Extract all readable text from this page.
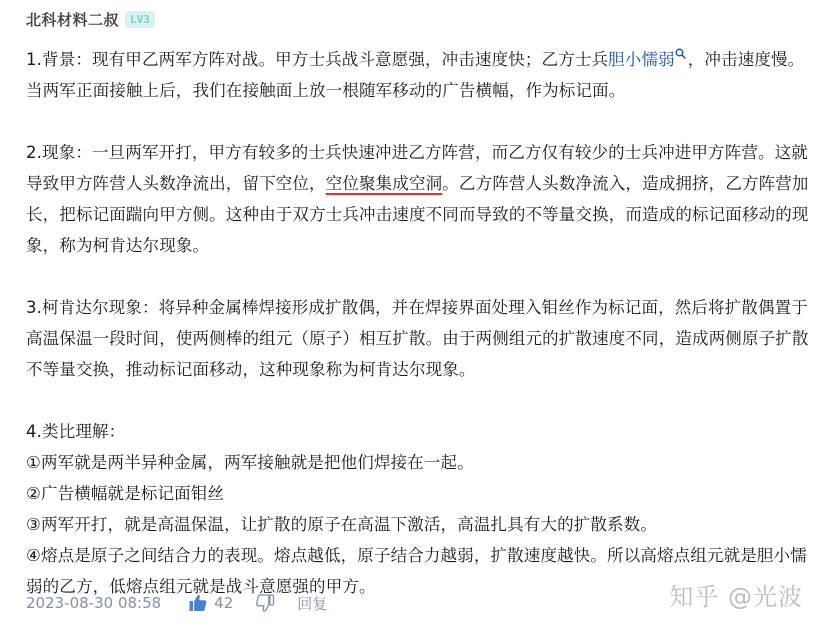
北科材料二叔	LV3

1.背景：现有甲乙两军方阵对战。甲方士兵战斗意愿强，冲击速度快；乙方士兵胆小懦弱 ，冲击速度慢。当两军正面接触上后，我们在接触面上放一根随军移动的广告横幅，作为标记面。

2.现象：一旦两军开打，甲方有较多的士兵快速冲进乙方阵营，而乙方仅有较少的士兵冲进甲方阵营。这就导致甲方阵营人头数净流出，留下空位，空位聚集成空洞。乙方阵营人头数净流入，造成拥挤，乙方阵营加长，把标记面踹向甲方侧。这种由于双方士兵冲击速度不同而导致的不等量交换，而造成的标记面移动的现象，称为柯肯达尔现象。

3.柯肯达尔现象：将异种金属棒焊接形成扩散偶，并在焊接界面处理入钼丝作为标记面，然后将扩散偶置于高温保温一段时间，使两侧棒的组元（原子）相互扩散。由于两侧组元的扩散速度不同，造成两侧原子扩散不等量交换，推动标记面移动，这种现象称为柯肯达尔现象。

4.类比理解：

①两军就是两半异种金属，两军接触就是把他们焊接在一起。

②广告横幅就是标记面钼丝

③两军开打，就是高温保温，让扩散的原子在高温下激活，高温扎具有大的扩散系数。

④熔点是原子之间结合力的表现。熔点越低，原子结合力越弱，扩散速度越快。所以高熔点组元就是胆小懦弱的乙方，低熔点组元就是战斗意愿强的甲方。

2023-08-30 08:58	42	回复	知乎 @光波
